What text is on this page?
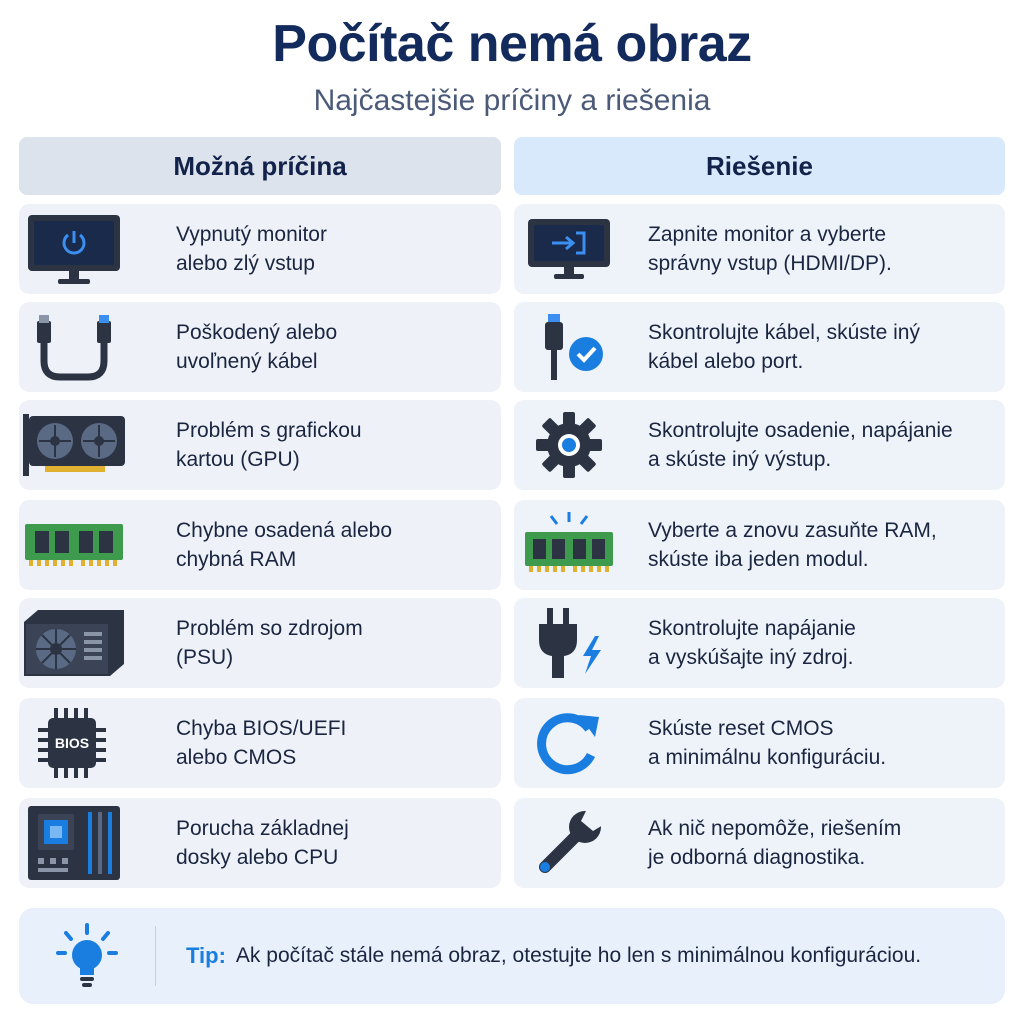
Počítač nemá obraz
Najčastejšie príčiny a riešenia
Možná príčina	Riešenie
Vypnutý monitor
alebo zlý vstup
Zapnite monitor a vyberte
správny vstup (HDMI/DP).
Poškodený alebo
uvoľnený kábel
Skontrolujte kábel, skúste iný
kábel alebo port.
Problém s grafickou
kartou (GPU)
Skontrolujte osadenie, napájanie
a skúste iný výstup.
Chybne osadená alebo
chybná RAM
Vyberte a znovu zasuňte RAM,
skúste iba jeden modul.
Problém so zdrojom
(PSU)
Skontrolujte napájanie
a vyskúšajte iný zdroj.
BIOS
Chyba BIOS/UEFI
alebo CMOS
Skúste reset CMOS
a minimálnu konfiguráciu.
Porucha základnej
dosky alebo CPU
Ak nič nepomôže, riešením
je odborná diagnostika.
Tip: Ak počítač stále nemá obraz, otestujte ho len s minimálnou konfiguráciou.
